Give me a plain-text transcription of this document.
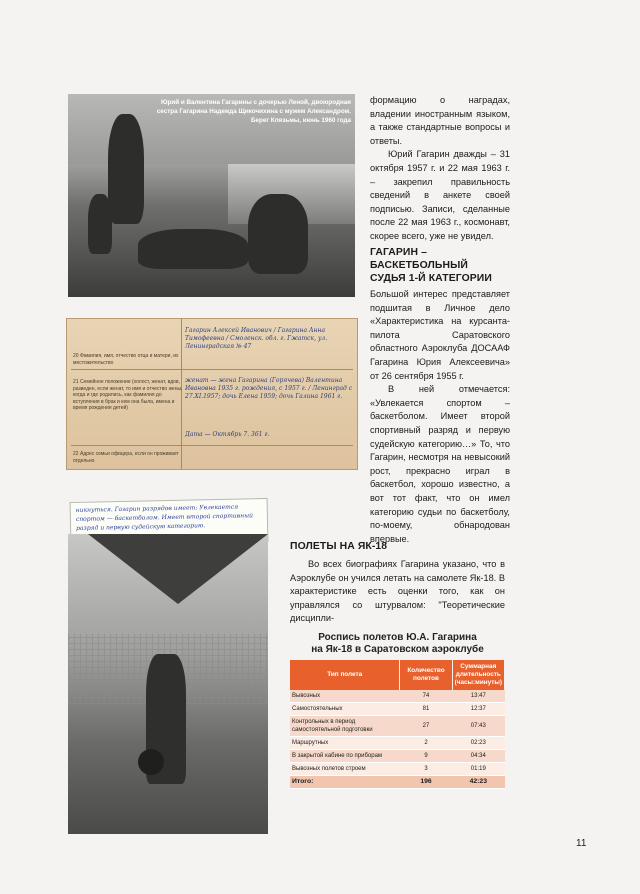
Юрий и Валентина Гагарины с дочерью Леной, двоюродная сестра Гагарина Надежда Щикочихина с мужем Александром. Берег Клязьмы, июнь 1960 года
20 Фамилия, имя, отчество отца и матери, их местожительство
Гагарин Алексей Иванович / Гагарина Анна Тимофеевна / Смоленск. обл. г. Гжатск, ул. Ленинградская № 47
21 Семейное положение (холост, женат, вдов, разведен, если женат, то имя и отчество жены, когда и где родились, как фамилия до вступления в брак и кем она была, имена и время рождения детей)
женат — жена Гагарина (Горячева) Валентина Ивановна 1935 г. рождения, с 1957 г. / Ленинград с 27.XI.1957; дочь Елена 1959; дочь Галина 1961 г.
22 Адрес семьи офицера, если он проживает отдельно
Дата — Октябрь 7. 361 г.
никнуться. Гагарин разрядов имеет: Увлекается спортом — баскетболом. Имеет второй спортивный разряд и первую судейскую категорию.

формацию о наградах, владении иностранным языком, а также стандартные вопросы и ответы.

Юрий Гагарин дважды – 31 октября 1957 г. и 22 мая 1963 г. – закрепил правильность сведений в анкете своей подписью. Записи, сделанные после 22 мая 1963 г., космонавт, скорее всего, уже не увидел.

ГАГАРИН –
БАСКЕТБОЛЬНЫЙ
СУДЬЯ 1-Й КАТЕГОРИИ

Большой интерес представляет подшитая в Личное дело «Характеристика на курсанта-пилота Саратовского областного Аэроклуба ДОСААФ Гагарина Юрия Алексеевича» от 26 сентября 1955 г.

В ней отмечается: «Увлекается спортом – баскетболом. Имеет второй спортивный разряд и первую судейскую категорию…» То, что Гагарин, несмотря на невысокий рост, прекрасно играл в баскетбол, хорошо известно, а вот тот факт, что он имел категорию судьи по баскетболу, по-моему, обнародован впервые.

ПОЛЕТЫ НА ЯК-18

Во всех биографиях Гагарина указано, что в Аэроклубе он учился летать на самолете Як-18. В характеристике есть оценки того, как он управлялся со штурвалом: "Теоретические дисципли-

Роспись полетов Ю.А. Гагарина
на Як-18 в Саратовском аэроклубе
Тип полета	Количество полетов	Суммарная длительность (часы:минуты)
Вывозных	74	13:47
Самостоятельных	81	12:37
Контрольных в период самостоятельной подготовки	27	07:43
Маршрутных	2	02:23
В закрытой кабине по приборам	9	04:34
Вывозных полетов строем	3	01:19
Итого:	196	42:23
11
